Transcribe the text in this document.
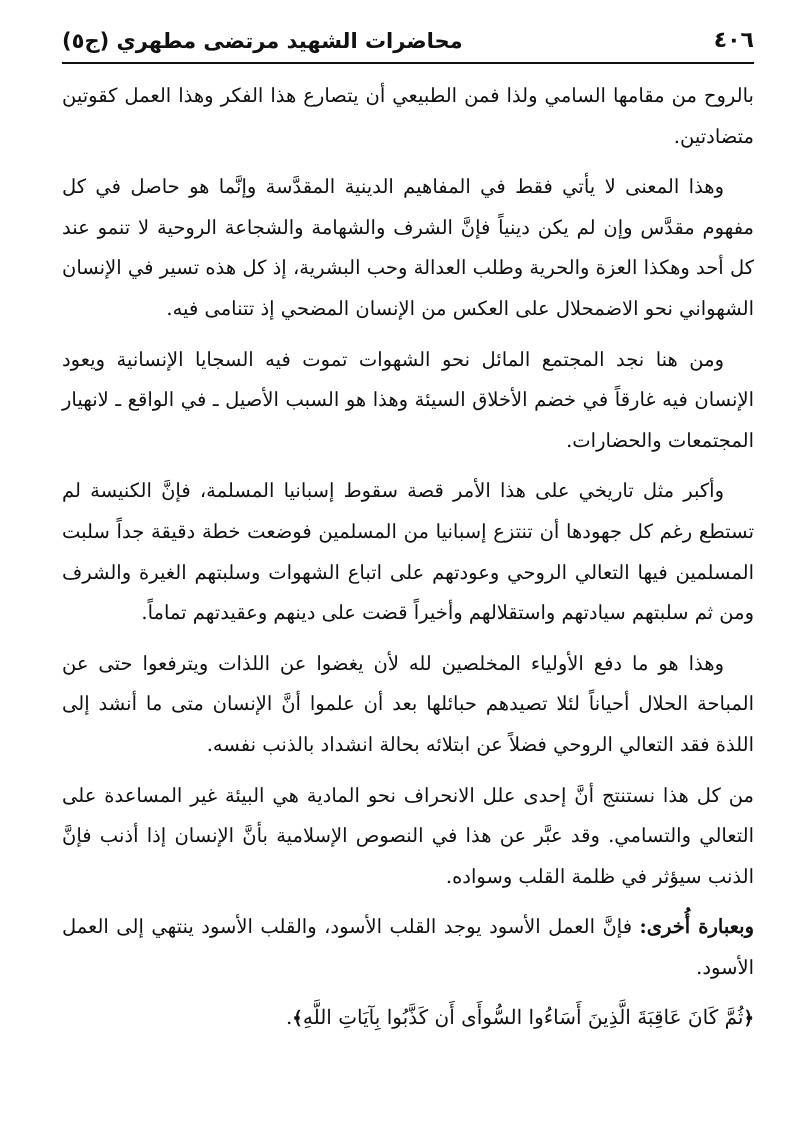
٤٠٦
محاضرات الشهيد مرتضى مطهري (ج٥)

بالروح من مقامها السامي ولذا فمن الطبيعي أن يتصارع هذا الفكر وهذا العمل كقوتين متضادتين.

وهذا المعنى لا يأتي فقط في المفاهيم الدينية المقدَّسة وإنَّما هو حاصل في كل مفهوم مقدَّس وإن لم يكن دينياً فإنَّ الشرف والشهامة والشجاعة الروحية لا تنمو عند كل أحد وهكذا العزة والحرية وطلب العدالة وحب البشرية، إذ كل هذه تسير في الإنسان الشهواني نحو الاضمحلال على العكس من الإنسان المضحي إذ تتنامى فيه.

ومن هنا نجد المجتمع المائل نحو الشهوات تموت فيه السجايا الإنسانية ويعود الإنسان فيه غارقاً في خضم الأخلاق السيئة وهذا هو السبب الأصيل ـ في الواقع ـ لانهيار المجتمعات والحضارات.

وأكبر مثل تاريخي على هذا الأمر قصة سقوط إسبانيا المسلمة، فإنَّ الكنيسة لم تستطع رغم كل جهودها أن تنتزع إسبانيا من المسلمين فوضعت خطة دقيقة جداً سلبت المسلمين فيها التعالي الروحي وعودتهم على اتباع الشهوات وسلبتهم الغيرة والشرف ومن ثم سلبتهم سيادتهم واستقلالهم وأخيراً قضت على دينهم وعقيدتهم تماماً.

وهذا هو ما دفع الأولياء المخلصين لله لأن يغضوا عن اللذات ويترفعوا حتى عن المباحة الحلال أحياناً لئلا تصيدهم حبائلها بعد أن علموا أنَّ الإنسان متى ما أنشد إلى اللذة فقد التعالي الروحي فضلاً عن ابتلائه بحالة انشداد بالذنب نفسه.

من كل هذا نستنتج أنَّ إحدى علل الانحراف نحو المادية هي البيئة غير المساعدة على التعالي والتسامي. وقد عبَّر عن هذا في النصوص الإسلامية بأنَّ الإنسان إذا أذنب فإنَّ الذنب سيؤثر في ظلمة القلب وسواده.

وبعبارة أُخرى: فإنَّ العمل الأسود يوجد القلب الأسود، والقلب الأسود ينتهي إلى العمل الأسود.

﴿ثُمَّ كَانَ عَاقِبَةَ الَّذِينَ أَسَاءُوا السُّوأَى أَن كَذَّبُوا بِآيَاتِ اللَّهِ﴾.
